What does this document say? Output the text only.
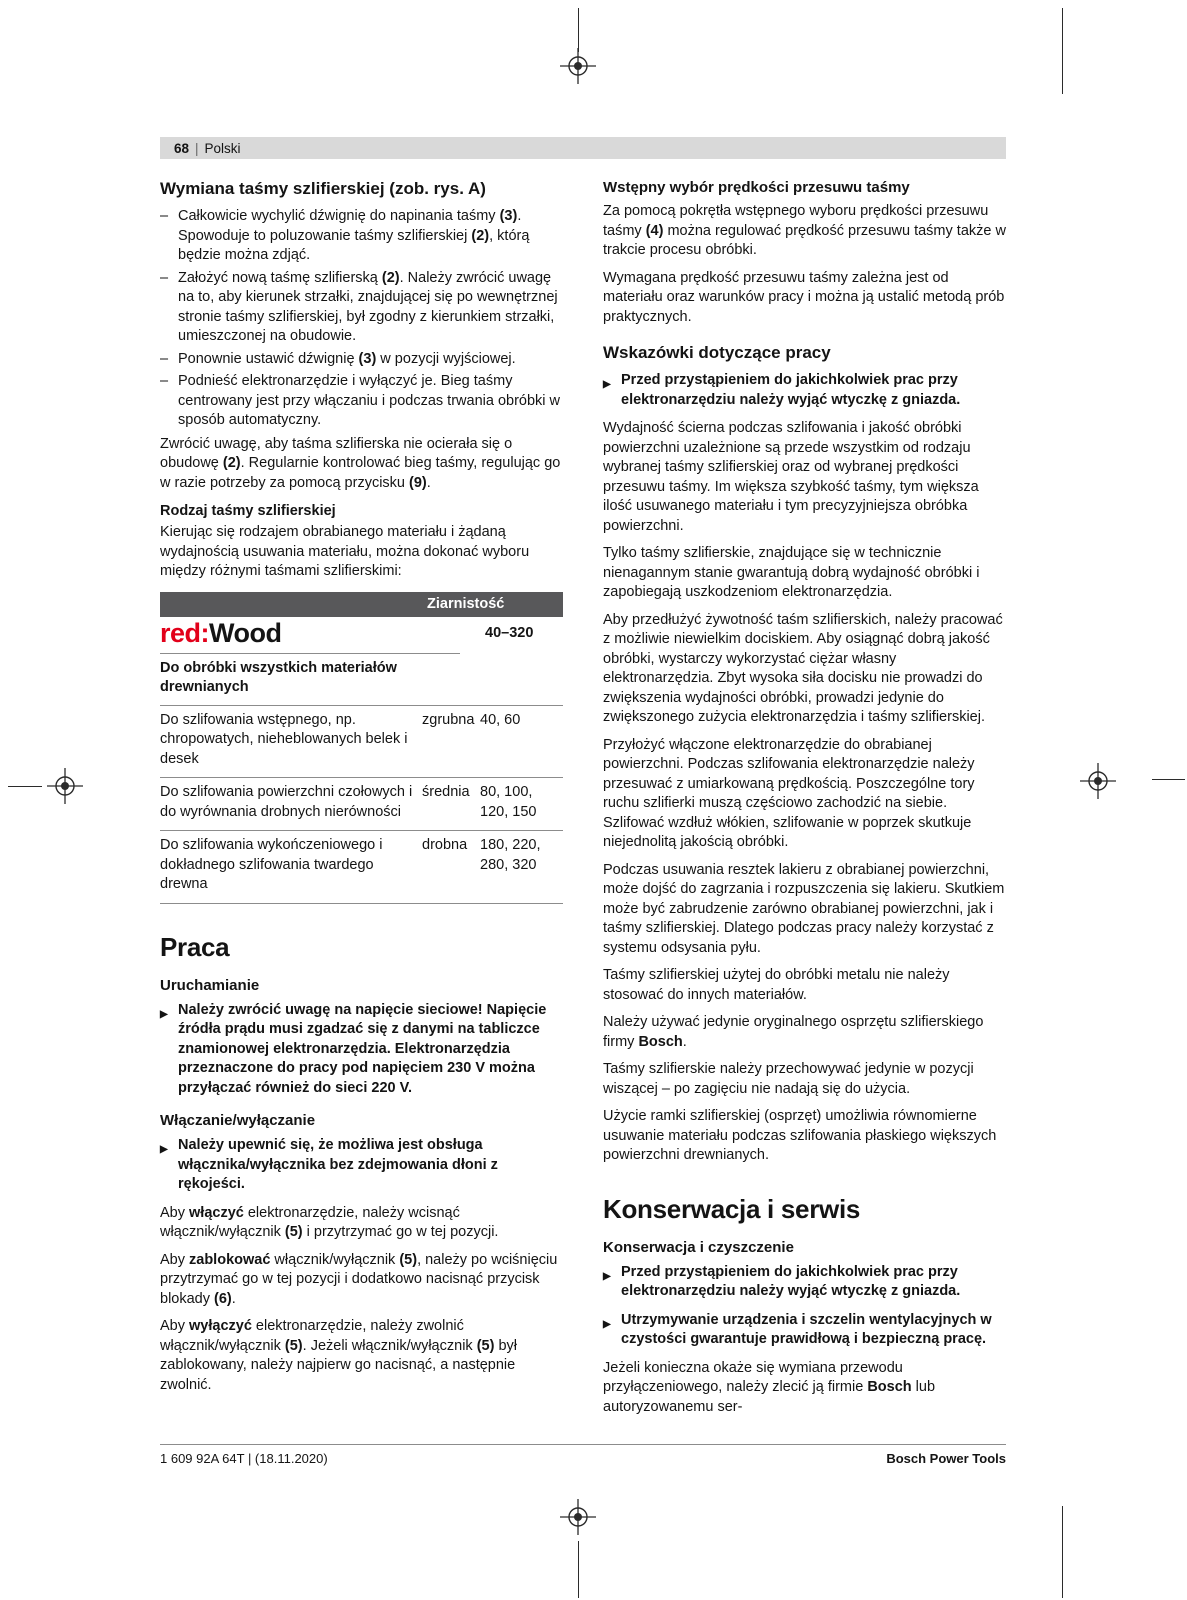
68 | Polski
Wymiana taśmy szlifierskiej (zob. rys. A)
– Całkowicie wychylić dźwignię do napinania taśmy (3). Spowoduje to poluzowanie taśmy szlifierskiej (2), którą będzie można zdjąć.
– Założyć nową taśmę szlifierską (2). Należy zwrócić uwagę na to, aby kierunek strzałki, znajdującej się po wewnętrznej stronie taśmy szlifierskiej, był zgodny z kierunkiem strzałki, umieszczonej na obudowie.
– Ponownie ustawić dźwignię (3) w pozycji wyjściowej.
– Podnieść elektronarzędzie i wyłączyć je. Bieg taśmy centrowany jest przy włączaniu i podczas trwania obróbki w sposób automatyczny.

Zwrócić uwagę, aby taśma szlifierska nie ocierała się o obudowę (2). Regularnie kontrolować bieg taśmy, regulując go w razie potrzeby za pomocą przycisku (9).

Rodzaj taśmy szlifierskiej

Kierując się rodzajem obrabianego materiału i żądaną wydajnością usuwania materiału, można dokonać wyboru między różnymi taśmami szlifierskimi:

Ziarnistość
red:Wood	40–320
Do obróbki wszystkich materiałów drewnianych
Do szlifowania wstępnego, np. chropowatych, nieheblowanych belek i desek
zgrubna 40, 60
Do szlifowania powierzchni czołowych i do wyrównania drobnych nierówności
średnia 80, 100, 120, 150
Do szlifowania wykończeniowego i dokładnego szlifowania twardego drewna
drobna 180, 220, 280, 320
Praca
Uruchamianie
▶ Należy zwrócić uwagę na napięcie sieciowe! Napięcie źródła prądu musi zgadzać się z danymi na tabliczce znamionowej elektronarzędzia. Elektronarzędzia przeznaczone do pracy pod napięciem 230 V można przyłączać również do sieci 220 V.
Włączanie/wyłączanie
▶ Należy upewnić się, że możliwa jest obsługa włącznika/wyłącznika bez zdejmowania dłoni z rękojeści.

Aby włączyć elektronarzędzie, należy wcisnąć włącznik/wyłącznik (5) i przytrzymać go w tej pozycji.

Aby zablokować włącznik/wyłącznik (5), należy po wciśnięciu przytrzymać go w tej pozycji i dodatkowo nacisnąć przycisk blokady (6).

Aby wyłączyć elektronarzędzie, należy zwolnić włącznik/wyłącznik (5). Jeżeli włącznik/wyłącznik (5) był zablokowany, należy najpierw go nacisnąć, a następnie zwolnić.

Wstępny wybór prędkości przesuwu taśmy

Za pomocą pokrętła wstępnego wyboru prędkości przesuwu taśmy (4) można regulować prędkość przesuwu taśmy także w trakcie procesu obróbki.

Wymagana prędkość przesuwu taśmy zależna jest od materiału oraz warunków pracy i można ją ustalić metodą prób praktycznych.

Wskazówki dotyczące pracy
▶ Przed przystąpieniem do jakichkolwiek prac przy elektronarzędziu należy wyjąć wtyczkę z gniazda.

Wydajność ścierna podczas szlifowania i jakość obróbki powierzchni uzależnione są przede wszystkim od rodzaju wybranej taśmy szlifierskiej oraz od wybranej prędkości przesuwu taśmy. Im większa szybkość taśmy, tym większa ilość usuwanego materiału i tym precyzyjniejsza obróbka powierzchni.

Tylko taśmy szlifierskie, znajdujące się w technicznie nienagannym stanie gwarantują dobrą wydajność obróbki i zapobiegają uszkodzeniom elektronarzędzia.

Aby przedłużyć żywotność taśm szlifierskich, należy pracować z możliwie niewielkim dociskiem. Aby osiągnąć dobrą jakość obróbki, wystarczy wykorzystać ciężar własny elektronarzędzia. Zbyt wysoka siła docisku nie prowadzi do zwiększenia wydajności obróbki, prowadzi jedynie do zwiększonego zużycia elektronarzędzia i taśmy szlifierskiej.

Przyłożyć włączone elektronarzędzie do obrabianej powierzchni. Podczas szlifowania elektronarzędzie należy przesuwać z umiarkowaną prędkością. Poszczególne tory ruchu szlifierki muszą częściowo zachodzić na siebie. Szlifować wzdłuż włókien, szlifowanie w poprzek skutkuje niejednolitą jakością obróbki.

Podczas usuwania resztek lakieru z obrabianej powierzchni, może dojść do zagrzania i rozpuszczenia się lakieru. Skutkiem może być zabrudzenie zarówno obrabianej powierzchni, jak i taśmy szlifierskiej. Dlatego podczas pracy należy korzystać z systemu odsysania pyłu.

Taśmy szlifierskiej użytej do obróbki metalu nie należy stosować do innych materiałów.

Należy używać jedynie oryginalnego osprzętu szlifierskiego firmy Bosch.

Taśmy szlifierskie należy przechowywać jedynie w pozycji wiszącej – po zagięciu nie nadają się do użycia.

Użycie ramki szlifierskiej (osprzęt) umożliwia równomierne usuwanie materiału podczas szlifowania płaskiego większych powierzchni drewnianych.

Konserwacja i serwis
Konserwacja i czyszczenie
▶ Przed przystąpieniem do jakichkolwiek prac przy elektronarzędziu należy wyjąć wtyczkę z gniazda.
▶ Utrzymywanie urządzenia i szczelin wentylacyjnych w czystości gwarantuje prawidłową i bezpieczną pracę.

Jeżeli konieczna okaże się wymiana przewodu przyłączeniowego, należy zlecić ją firmie Bosch lub autoryzowanemu ser-

1 609 92A 64T | (18.11.2020)	Bosch Power Tools
